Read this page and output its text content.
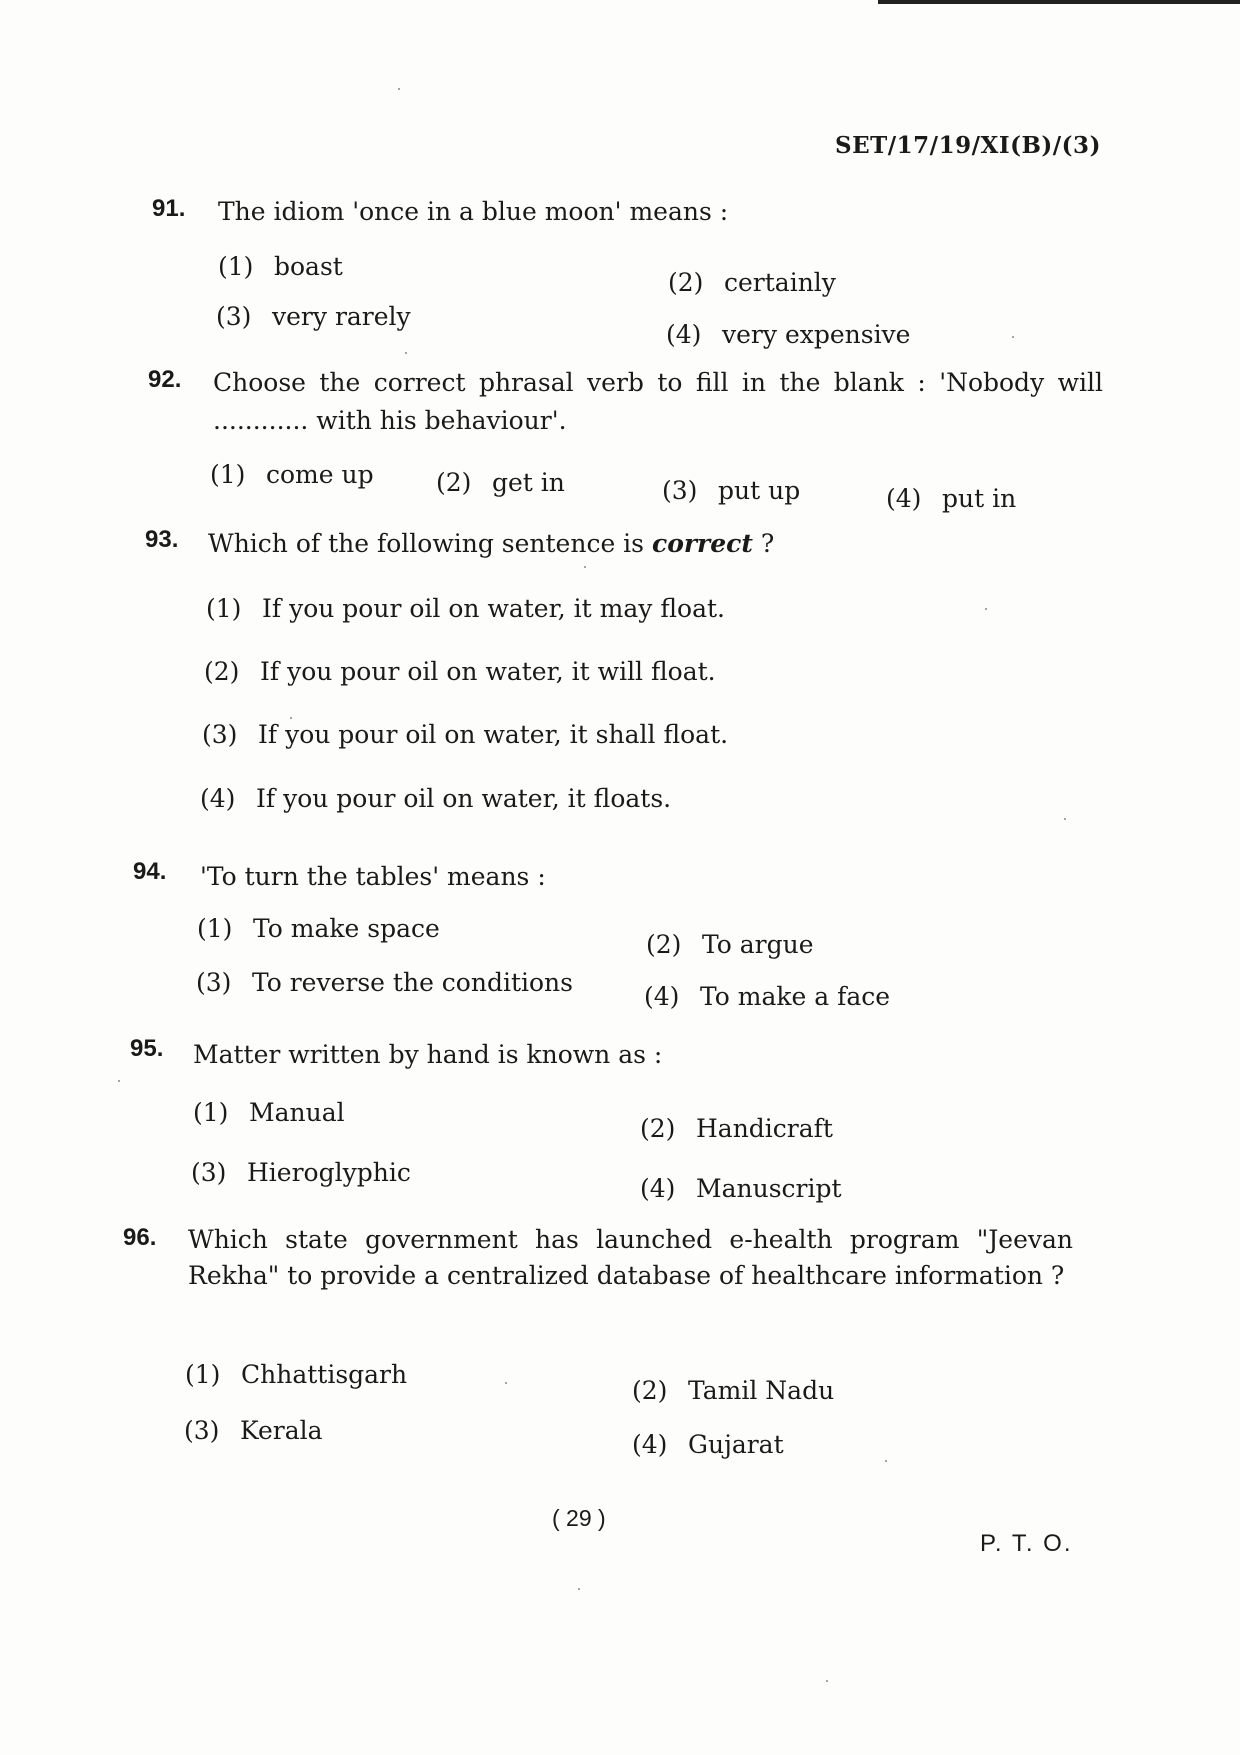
SET/17/19/XI(B)/(3)
91. The idiom 'once in a blue moon' means :
(1) boast
(2) certainly
(3) very rarely
(4) very expensive
92. Choose the correct phrasal verb to fill in the blank : 'Nobody will ............ with his behaviour'.
(1) come up (2) get in	(3) put up	(4) put in
93. Which of the following sentence is correct ?
(1) If you pour oil on water, it may float.
(2) If you pour oil on water, it will float.
(3) If you pour oil on water, it shall float.
(4) If you pour oil on water, it floats.
94. 'To turn the tables' means :
(1) To make space
(2) To argue
(3) To reverse the conditions	(4) To make a face
95. Matter written by hand is known as :
(1) Manual
(2) Handicraft
(3) Hieroglyphic
(4) Manuscript
96. Which state government has launched e-health program "Jeevan Rekha" to provide a centralized database of healthcare information ?
(1) Chhattisgarh
(2) Tamil Nadu
(3) Kerala	(4) Gujarat
( 29 )
P. T. O.
